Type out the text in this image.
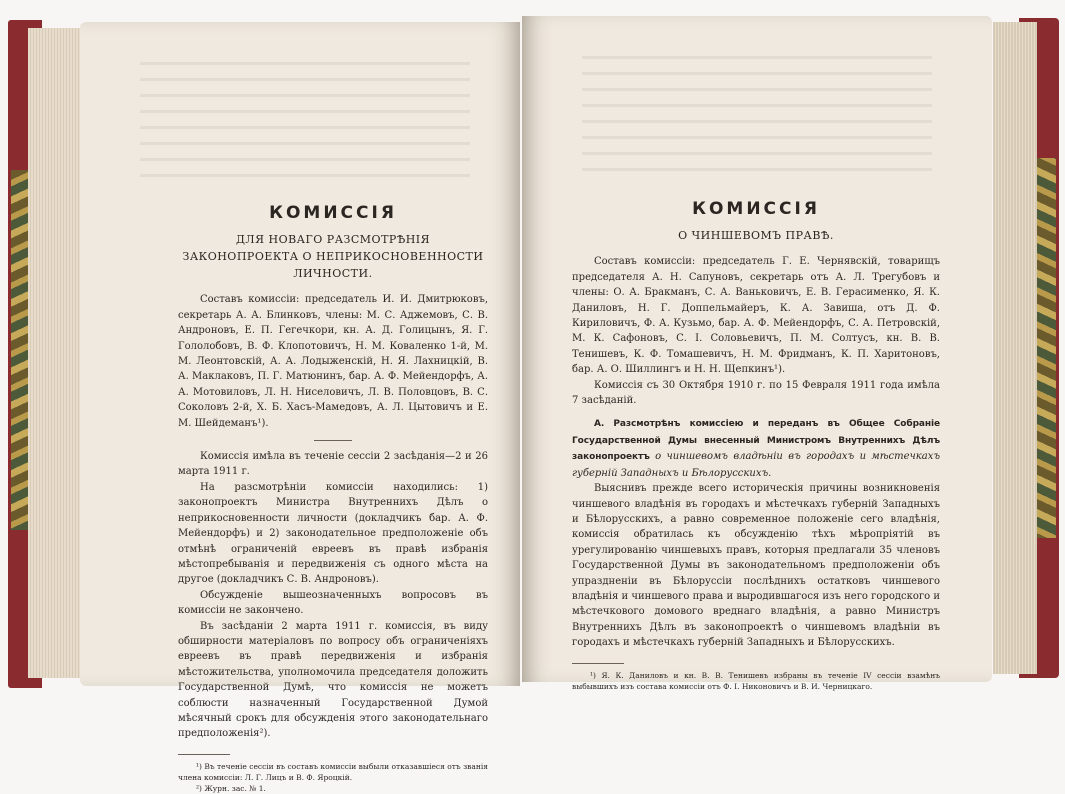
КОМИССІЯ
ДЛЯ НОВАГО РАЗСМОТРѢНІЯ ЗАКОНОПРОЕКТА О НЕПРИКОСНОВЕННОСТИ ЛИЧНОСТИ.

Составъ комиссіи: председатель И. И. Дмитрюковъ, секретарь А. А. Блинковъ, члены: М. С. Аджемовъ, С. В. Андроновъ, Е. П. Гегечкори, кн. А. Д. Голицынъ, Я. Г. Гололобовъ, В. Ф. Клопотовичъ, Н. М. Коваленко 1-й, М. М. Леонтовскій, А. А. Лодыженскій, Н. Я. Лахницкій, В. А. Маклаковъ, П. Г. Матюнинъ, бар. А. Ф. Мейендорфъ, А. А. Мотовиловъ, Л. Н. Ниселовичъ, Л. В. Половцовъ, В. С. Соколовъ 2-й, Х. Б. Хасъ-Мамедовъ, А. Л. Цытовичъ и Е. М. Шейдеманъ¹).

Комиссія имѣла въ теченіе сессіи 2 засѣданія—2 и 26 марта 1911 г.

На разсмотрѣніи комиссіи находились: 1) законопроектъ Министра Внутреннихъ Дѣлъ о неприкосновенности личности (докладчикъ бар. А. Ф. Мейендорфъ) и 2) законодательное предположеніе объ отмѣнѣ ограниченій евреевъ въ правѣ избранія мѣстопребыванія и передвиженія съ одного мѣста на другое (докладчикъ С. В. Андроновъ).

Обсужденіе вышеозначенныхъ вопросовъ въ комиссіи не закончено.

Въ засѣданіи 2 марта 1911 г. комиссія, въ виду обширности матеріаловъ по вопросу объ ограниченіяхъ евреевъ въ правѣ передвиженія и избранія мѣстожительства, уполномочила председателя доложить Государственной Думѣ, что комиссія не можетъ соблюсти назначенный Государственной Думой мѣсячный срокъ для обсужденія этого законодательнаго предположенія²).

¹) Въ теченіе сессіи въ составъ комиссіи выбыли отказавшіеся отъ званія члена комиссіи: Л. Г. Лицъ и В. Ф. Яроцкій.

²) Журн. зас. № 1.

КОМИССІЯ
О ЧИНШЕВОМЪ ПРАВѢ.

Составъ комиссіи: председатель Г. Е. Чернявскій, товарищъ председателя А. Н. Сапуновъ, секретарь отъ А. Л. Трегубовъ и члены: О. А. Бракманъ, С. А. Ваньковичъ, Е. В. Герасименко, Я. К. Даниловъ, Н. Г. Доппельмайеръ, К. А. Завиша, отъ Д. Ф. Кириловичъ, Ф. А. Кузьмо, бар. А. Ф. Мейендорфъ, С. А. Петровскій, М. К. Сафоновъ, С. І. Соловьевичъ, П. М. Солтусъ, кн. В. В. Тенишевъ, К. Ф. Томашевичъ, Н. М. Фридманъ, К. П. Харитоновъ, бар. А. О. Шиллингъ и Н. Н. Щепкинъ¹).

Комиссія съ 30 Октября 1910 г. по 15 Февраля 1911 года имѣла 7 засѣданій.

А. Разсмотрѣнъ комиссіею и переданъ въ Общее Собраніе Государственной Думы внесенный Министромъ Внутреннихъ Дѣлъ законопроектъ о чиншевомъ владѣніи въ городахъ и мѣстечкахъ губерній Западныхъ и Бѣлорусскихъ.

Выяснивъ прежде всего историческія причины возникновенія чиншевого владѣнія въ городахъ и мѣстечкахъ губерній Западныхъ и Бѣлорусскихъ, а равно современное положеніе сего владѣнія, комиссія обратилась къ обсужденію тѣхъ мѣропріятій въ урегулированію чиншевыхъ правъ, которыя предлагали 35 членовъ Государственной Думы въ законодательномъ предположеніи объ упраздненіи въ Бѣлоруссіи послѣднихъ остатковъ чиншевого владѣнія и чиншевого права и выродившагося изъ него городского и мѣстечкового домового вреднаго владѣнія, а равно Министръ Внутреннихъ Дѣлъ въ законопроектѣ о чиншевомъ владѣніи въ городахъ и мѣстечкахъ губерній Западныхъ и Бѣлорусскихъ.

¹) Я. К. Даниловъ и кн. В. В. Тенишевъ избраны въ теченіе IV сессіи взамѣнъ выбывшихъ изъ состава комиссіи отъ Ф. І. Никоновичъ и В. И. Черницкаго.
